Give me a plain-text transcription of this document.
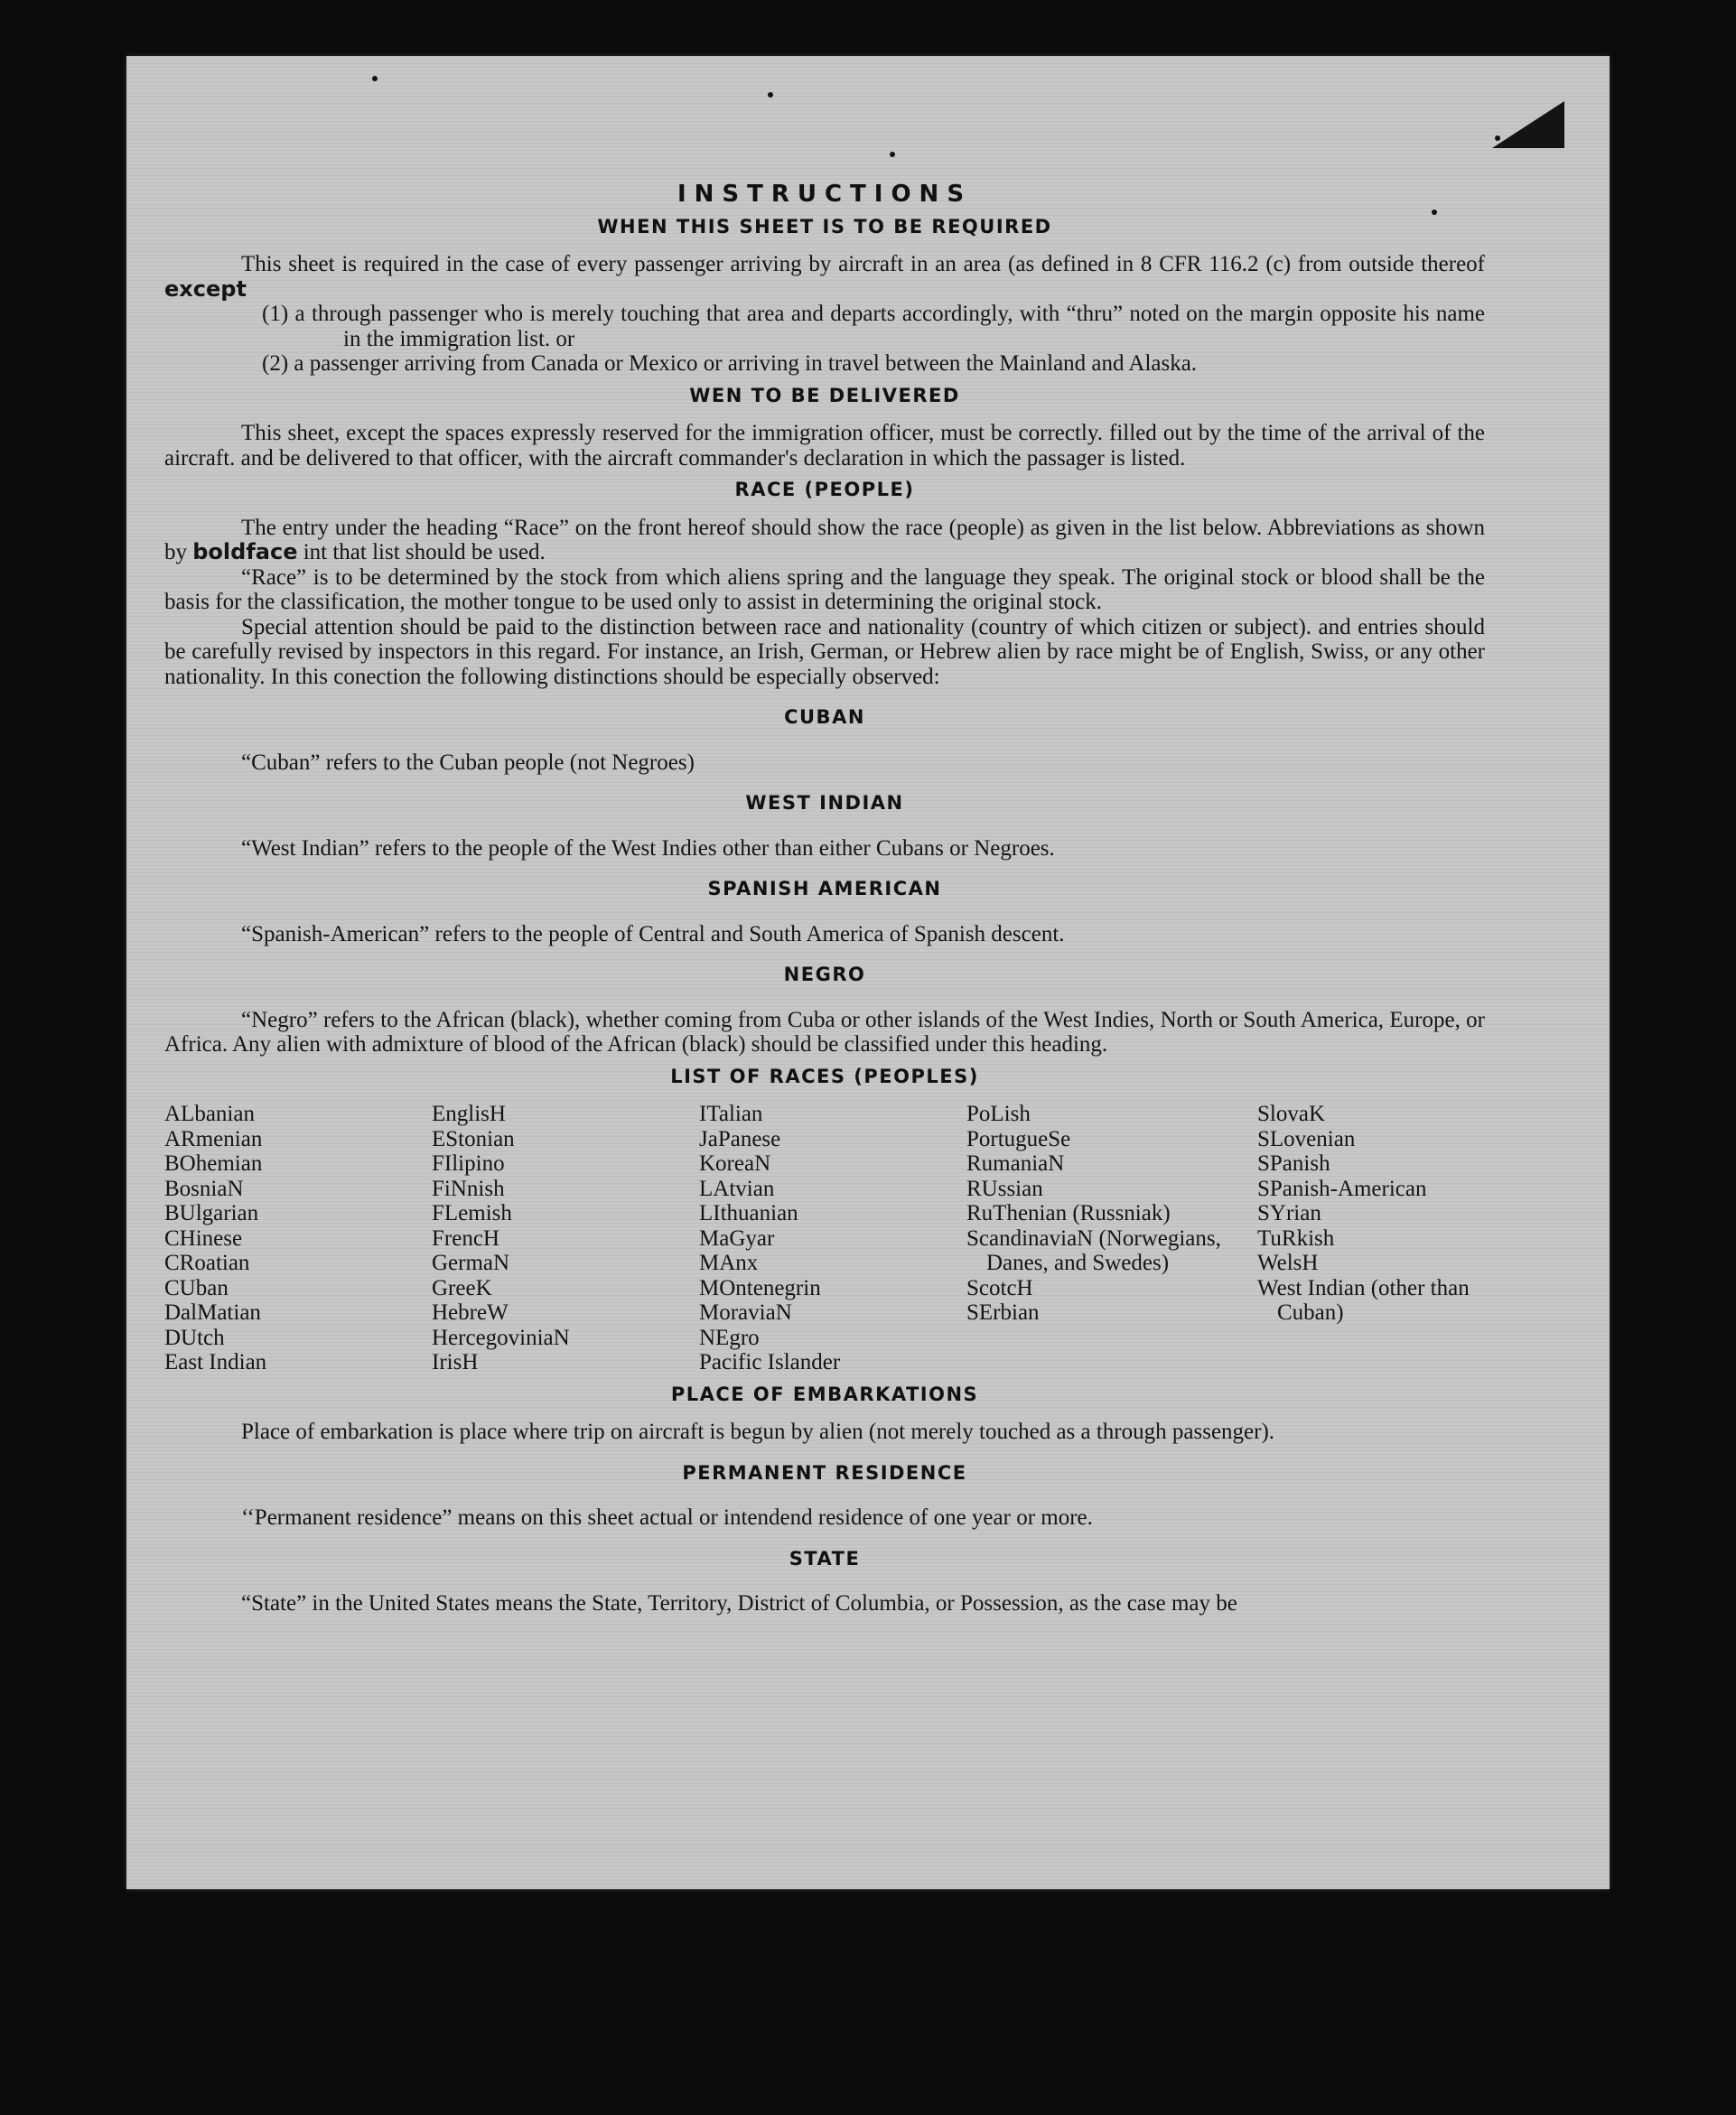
INSTRUCTIONS
WHEN THIS SHEET IS TO BE REQUIRED

This sheet is required in the case of every passenger arriving by aircraft in an area (as defined in 8 CFR 116.2 (c) from outside thereof except

(1) a through passenger who is merely touching that area and departs accordingly, with “thru” noted on the margin opposite his name in the immigration list. or

(2) a passenger arriving from Canada or Mexico or arriving in travel between the Mainland and Alaska.

WEN TO BE DELIVERED

This sheet, except the spaces expressly reserved for the immigration officer, must be correctly. filled out by the time of the arrival of the aircraft. and be delivered to that officer, with the aircraft commander's declaration in which the passager is listed.

RACE (PEOPLE)

The entry under the heading “Race” on the front hereof should show the race (people) as given in the list below. Abbreviations as shown by boldface int that list should be used.

“Race” is to be determined by the stock from which aliens spring and the language they speak. The original stock or blood shall be the basis for the classification, the mother tongue to be used only to assist in determining the original stock.

Special attention should be paid to the distinction between race and nationality (country of which citizen or subject). and entries should be carefully revised by inspectors in this regard. For instance, an Irish, German, or Hebrew alien by race might be of English, Swiss, or any other nationality. In this conection the following distinctions should be especially observed:

CUBAN

“Cuban” refers to the Cuban people (not Negroes)

WEST INDIAN

“West Indian” refers to the people of the West Indies other than either Cubans or Negroes.

SPANISH AMERICAN

“Spanish-American” refers to the people of Central and South America of Spanish descent.

NEGRO

“Negro” refers to the African (black), whether coming from Cuba or other islands of the West Indies, North or South America, Europe, or Africa. Any alien with admixture of blood of the African (black) should be classified under this heading.

LIST OF RACES (PEOPLES)
ALbanian
ARmenian
BOhemian
BosniaN
BUlgarian
CHinese
CRoatian
CUban
DalMatian
DUtch
East Indian
EnglisH
EStonian
FIlipino
FiNnish
FLemish
FrencH
GermaN
GreeK
HebreW
HercegoviniaN
IrisH
ITalian
JaPanese
KoreaN
LAtvian
LIthuanian
MaGyar
MAnx
MOntenegrin
MoraviaN
NEgro
Pacific Islander
PoLish
PortugueSe
RumaniaN
RUssian
RuThenian (Russniak)
ScandinaviaN (Norwegians, Danes, and Swedes)
ScotcH
SErbian
SlovaK
SLovenian
SPanish
SPanish-American
SYrian
TuRkish
WelsH
West Indian (other than Cuban)
PLACE OF EMBARKATIONS

Place of embarkation is place where trip on aircraft is begun by alien (not merely touched as a through passenger).

PERMANENT RESIDENCE

‘‘Permanent residence” means on this sheet actual or intendend residence of one year or more.

STATE

“State” in the United States means the State, Territory, District of Columbia, or Possession, as the case may be
